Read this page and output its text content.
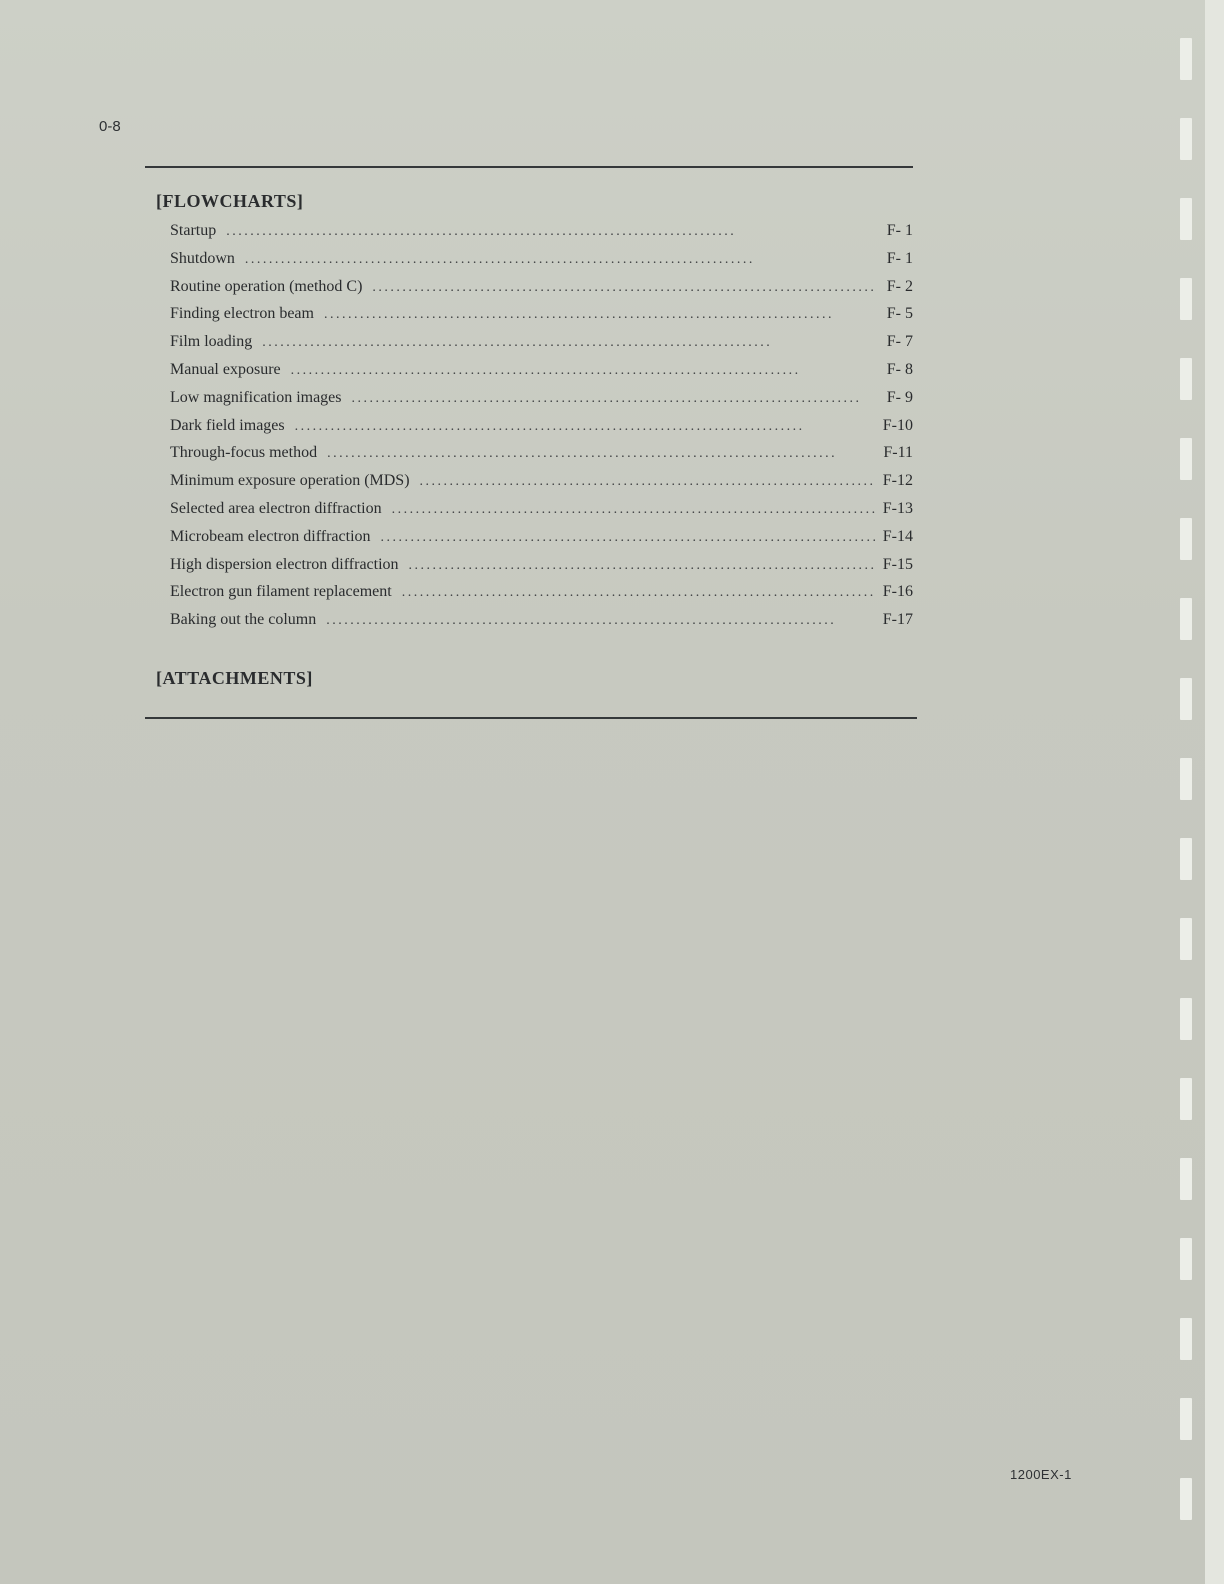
0-8
[FLOWCHARTS]
Startup . . .	F- 1
Shutdown . . .	F- 1
Routine operation (method C) . . .	F- 2
Finding electron beam . . .	F- 5
Film loading . . .	F- 7
Manual exposure . . .	F- 8
Low magnification images . . .	F- 9
Dark field images . . .	F-10
Through-focus method . . .	F-11
Minimum exposure operation (MDS) . . .	F-12
Selected area electron diffraction . . .	F-13
Microbeam electron diffraction . . .	F-14
High dispersion electron diffraction . . .	F-15
Electron gun filament replacement . . .	F-16
Baking out the column . . .	F-17
[ATTACHMENTS]
1200EX-1
